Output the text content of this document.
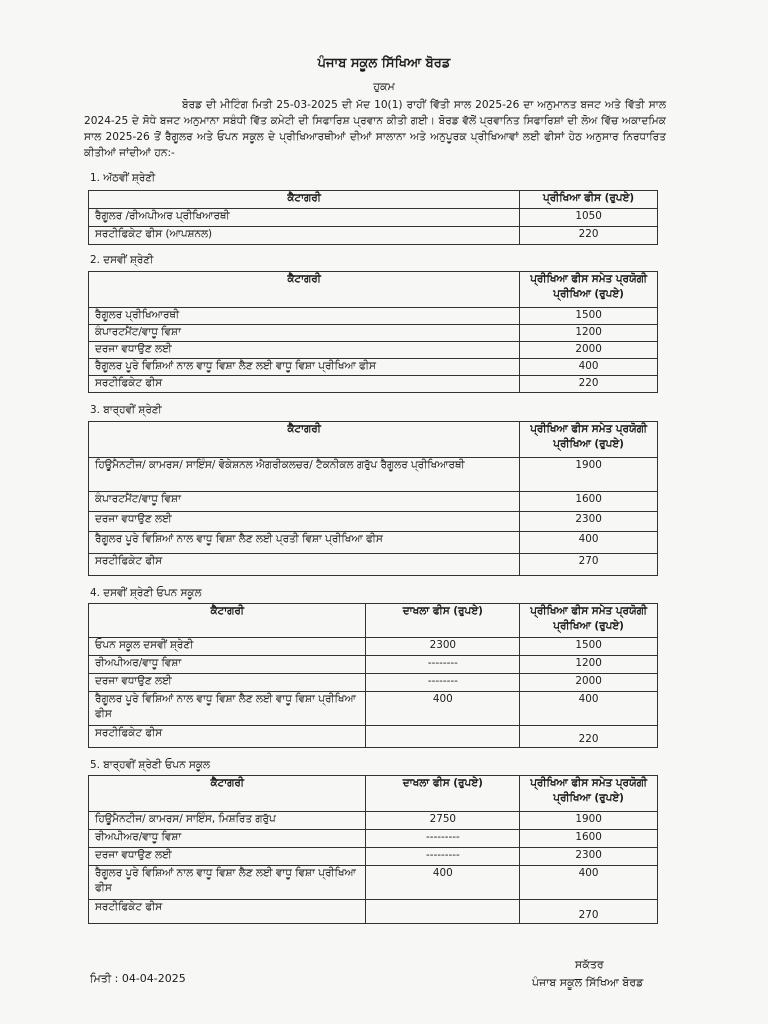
ਪੰਜਾਬ ਸਕੂਲ ਸਿੱਖਿਆ ਬੋਰਡ
ਹੁਕਮ
ਬੋਰਡ ਦੀ ਮੀਟਿੰਗ ਮਿਤੀ 25-03-2025 ਦੀ ਮੱਦ 10(1) ਰਾਹੀਂ ਵਿੱਤੀ ਸਾਲ 2025-26 ਦਾ ਅਨੁਮਾਨਤ ਬਜਟ ਅਤੇ ਵਿੱਤੀ ਸਾਲ 2024-25 ਦੇ ਸੋਧੇ ਬਜਟ ਅਨੁਮਾਨਾ ਸਬੰਧੀ ਵਿੱਤ ਕਮੇਟੀ ਦੀ ਸਿਫਾਰਿਸ਼ ਪ੍ਰਵਾਨ ਕੀਤੀ ਗਈ। ਬੋਰਡ ਵੱਲੋਂ ਪ੍ਰਵਾਨਿਤ ਸਿਫਾਰਿਸ਼ਾਂ ਦੀ ਲੋਅ ਵਿੱਚ ਅਕਾਦਮਿਕ ਸਾਲ 2025-26 ਤੋਂ ਰੈਗੂਲਰ ਅਤੇ ਓਪਨ ਸਕੂਲ ਦੇ ਪ੍ਰੀਖਿਆਰਥੀਆਂ ਦੀਆਂ ਸਾਲਾਨਾ ਅਤੇ ਅਨੁਪੂਰਕ ਪ੍ਰੀਖਿਆਵਾਂ ਲਈ ਫੀਸਾਂ ਹੇਠ ਅਨੁਸਾਰ ਨਿਰਧਾਰਿਤ ਕੀਤੀਆਂ ਜਾਂਦੀਆਂ ਹਨ:-
1. ਅੱਠਵੀਂ ਸ਼੍ਰੇਣੀ
ਕੈਟਾਗਰੀ	ਪ੍ਰੀਖਿਆ ਫੀਸ (ਰੁਪਏ)
ਰੈਗੂਲਰ /ਰੀਅਪੀਅਰ ਪ੍ਰੀਖਿਆਰਥੀ	1050
ਸਰਟੀਫਿਕੇਟ ਫੀਸ (ਆਪਸ਼ਨਲ)	220
2. ਦਸਵੀਂ ਸ਼੍ਰੇਣੀ
ਕੈਟਾਗਰੀ	ਪ੍ਰੀਖਿਆ ਫੀਸ ਸਮੇਤ ਪ੍ਰਯੋਗੀ ਪ੍ਰੀਖਿਆ (ਰੁਪਏ)
ਰੈਗੂਲਰ ਪ੍ਰੀਖਿਆਰਥੀ	1500
ਕੰਪਾਰਟਮੈਂਟ/ਵਾਧੂ ਵਿਸ਼ਾ	1200
ਦਰਜਾ ਵਧਾਉਣ ਲਈ	2000
ਰੈਗੂਲਰ ਪੂਰੇ ਵਿਸ਼ਿਆਂ ਨਾਲ ਵਾਧੂ ਵਿਸ਼ਾ ਲੈਣ ਲਈ ਵਾਧੂ ਵਿਸ਼ਾ ਪ੍ਰੀਖਿਆ ਫੀਸ	400
ਸਰਟੀਫਿਕੇਟ ਫੀਸ	220
3. ਬਾਰ੍ਹਵੀਂ ਸ਼੍ਰੇਣੀ
ਕੈਟਾਗਰੀ	ਪ੍ਰੀਖਿਆ ਫੀਸ ਸਮੇਤ ਪ੍ਰਯੋਗੀ ਪ੍ਰੀਖਿਆ (ਰੁਪਏ)
ਹਿਊਮੈਨਟੀਜ/ ਕਾਮਰਸ/ ਸਾਇੰਸ/ ਵੋਕੇਸ਼ਨਲ ਐਗਰੀਕਲਚਰ/ ਟੈਕਨੀਕਲ ਗਰੁੱਪ ਰੈਗੂਲਰ ਪ੍ਰੀਖਿਆਰਥੀ	1900
ਕੰਪਾਰਟਮੈਂਟ/ਵਾਧੂ ਵਿਸ਼ਾ	1600
ਦਰਜਾ ਵਧਾਉਣ ਲਈ	2300
ਰੈਗੂਲਰ ਪੂਰੇ ਵਿਸ਼ਿਆਂ ਨਾਲ ਵਾਧੂ ਵਿਸ਼ਾ ਲੈਣ ਲਈ ਪ੍ਰਤੀ ਵਿਸ਼ਾ ਪ੍ਰੀਖਿਆ ਫੀਸ	400
ਸਰਟੀਫਿਕੇਟ ਫੀਸ	270
4. ਦਸਵੀਂ ਸ਼੍ਰੇਣੀ ਓਪਨ ਸਕੂਲ
ਕੈਟਾਗਰੀ	ਦਾਖਲਾ ਫੀਸ (ਰੁਪਏ)	ਪ੍ਰੀਖਿਆ ਫੀਸ ਸਮੇਤ ਪ੍ਰਯੋਗੀ ਪ੍ਰੀਖਿਆ (ਰੁਪਏ)
ਓਪਨ ਸਕੂਲ ਦਸਵੀਂ ਸ਼੍ਰੇਣੀ	2300	1500
ਰੀਅਪੀਅਰ/ਵਾਧੂ ਵਿਸ਼ਾ	--------	1200
ਦਰਜਾ ਵਧਾਉਣ ਲਈ	--------	2000
ਰੈਗੂਲਰ ਪੂਰੇ ਵਿਸ਼ਿਆਂ ਨਾਲ ਵਾਧੂ ਵਿਸ਼ਾ ਲੈਣ ਲਈ ਵਾਧੂ ਵਿਸ਼ਾ ਪ੍ਰੀਖਿਆ ਫੀਸ	400	400
ਸਰਟੀਫਿਕੇਟ ਫੀਸ		220
5. ਬਾਰ੍ਹਵੀਂ ਸ਼੍ਰੇਣੀ ਓਪਨ ਸਕੂਲ
ਕੈਟਾਗਰੀ	ਦਾਖਲਾ ਫੀਸ (ਰੁਪਏ)	ਪ੍ਰੀਖਿਆ ਫੀਸ ਸਮੇਤ ਪ੍ਰਯੋਗੀ ਪ੍ਰੀਖਿਆ (ਰੁਪਏ)
ਹਿਊਮੈਨਟੀਜ/ ਕਾਮਰਸ/ ਸਾਇੰਸ, ਮਿਸ਼ਰਿਤ ਗਰੁੱਪ	2750	1900
ਰੀਅਪੀਅਰ/ਵਾਧੂ ਵਿਸ਼ਾ	---------	1600
ਦਰਜਾ ਵਧਾਉਣ ਲਈ	---------	2300
ਰੈਗੂਲਰ ਪੂਰੇ ਵਿਸ਼ਿਆਂ ਨਾਲ ਵਾਧੂ ਵਿਸ਼ਾ ਲੈਣ ਲਈ ਵਾਧੂ ਵਿਸ਼ਾ ਪ੍ਰੀਖਿਆ ਫੀਸ	400	400
ਸਰਟੀਫਿਕੇਟ ਫੀਸ		270
ਮਿਤੀ : 04-04-2025
ਸਕੱਤਰ
ਪੰਜਾਬ ਸਕੂਲ ਸਿੱਖਿਆ ਬੋਰਡ
